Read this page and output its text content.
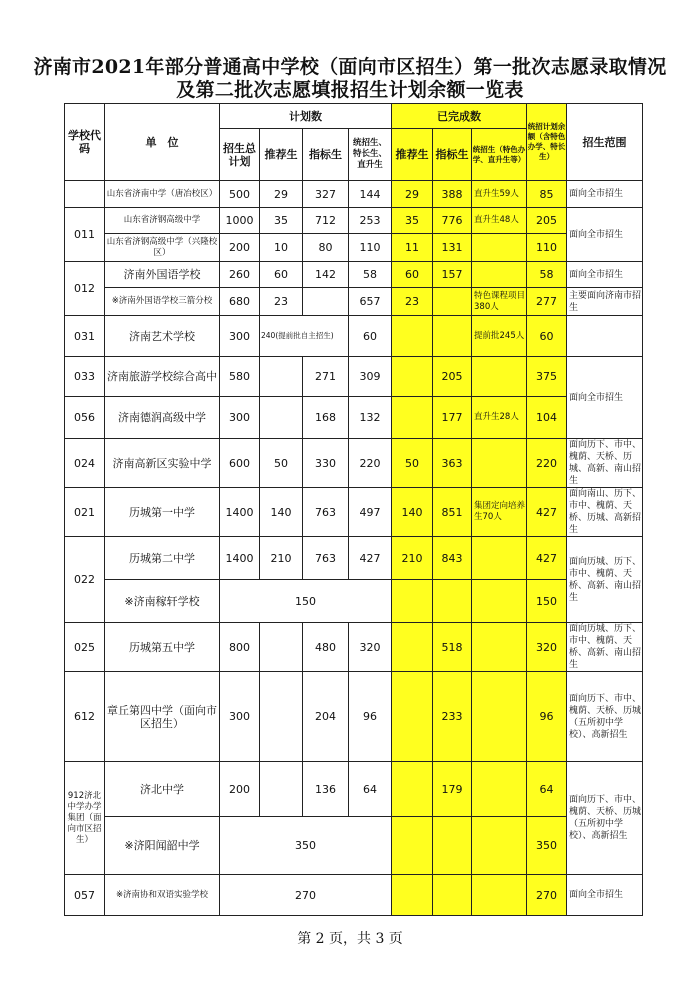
济南市2021年部分普通高中学校（面向市区招生）第一批次志愿录取情况
及第二批次志愿填报招生计划余额一览表
学校代码	单　位	计划数				已完成数			统招计划余额（含特色办学、特长生）	招生范围
		招生总计划	推荐生	指标生	统招生、特长生、直升生	推荐生	指标生	统招生（特色办学、直升生等）		

	山东省济南中学（唐冶校区）	500	29	327	144	29	388	直升生59人	85	面向全市招生
011	山东省济钢高级中学	1000	35	712	253	35	776	直升生48人	205	面向全市招生
	山东省济钢高级中学（兴隆校区）	200	10	80	110	11	131		110	
012	济南外国语学校	260	60	142	58	60	157		58	面向全市招生
	※济南外国语学校三箭分校	680	23		657	23		特色课程项目380人	277	主要面向济南市招生
031	济南艺术学校	300	240(提前批自主招生)		60			提前批245人	60	
033	济南旅游学校综合高中	580		271	309		205		375	面向全市招生
056	济南德润高级中学	300		168	132		177	直升生28人	104	
024	济南高新区实验中学	600	50	330	220	50	363		220	面向历下、市中、槐荫、天桥、历城、高新、南山招生
021	历城第一中学	1400	140	763	497	140	851	集团定向培养生70人	427	面向南山、历下、市中、槐荫、天桥、历城、高新招生
022	历城第二中学	1400	210	763	427	210	843		427	面向历城、历下、市中、槐荫、天桥、高新、南山招生
	※济南稼轩学校	150							150	
025	历城第五中学	800		480	320		518		320	面向历城、历下、市中、槐荫、天桥、高新、南山招生
612	章丘第四中学（面向市区招生）	300		204	96		233		96	面向历下、市中、槐荫、天桥、历城（五所初中学校）、高新招生
912济北中学办学集团（面向市区招生）	济北中学	200		136	64		179		64	面向历下、市中、槐荫、天桥、历城（五所初中学校）、高新招生
	※济阳闻韶中学	350							350	
057	※济南协和双语实验学校	270							270	面向全市招生
第 2 页，共 3 页
